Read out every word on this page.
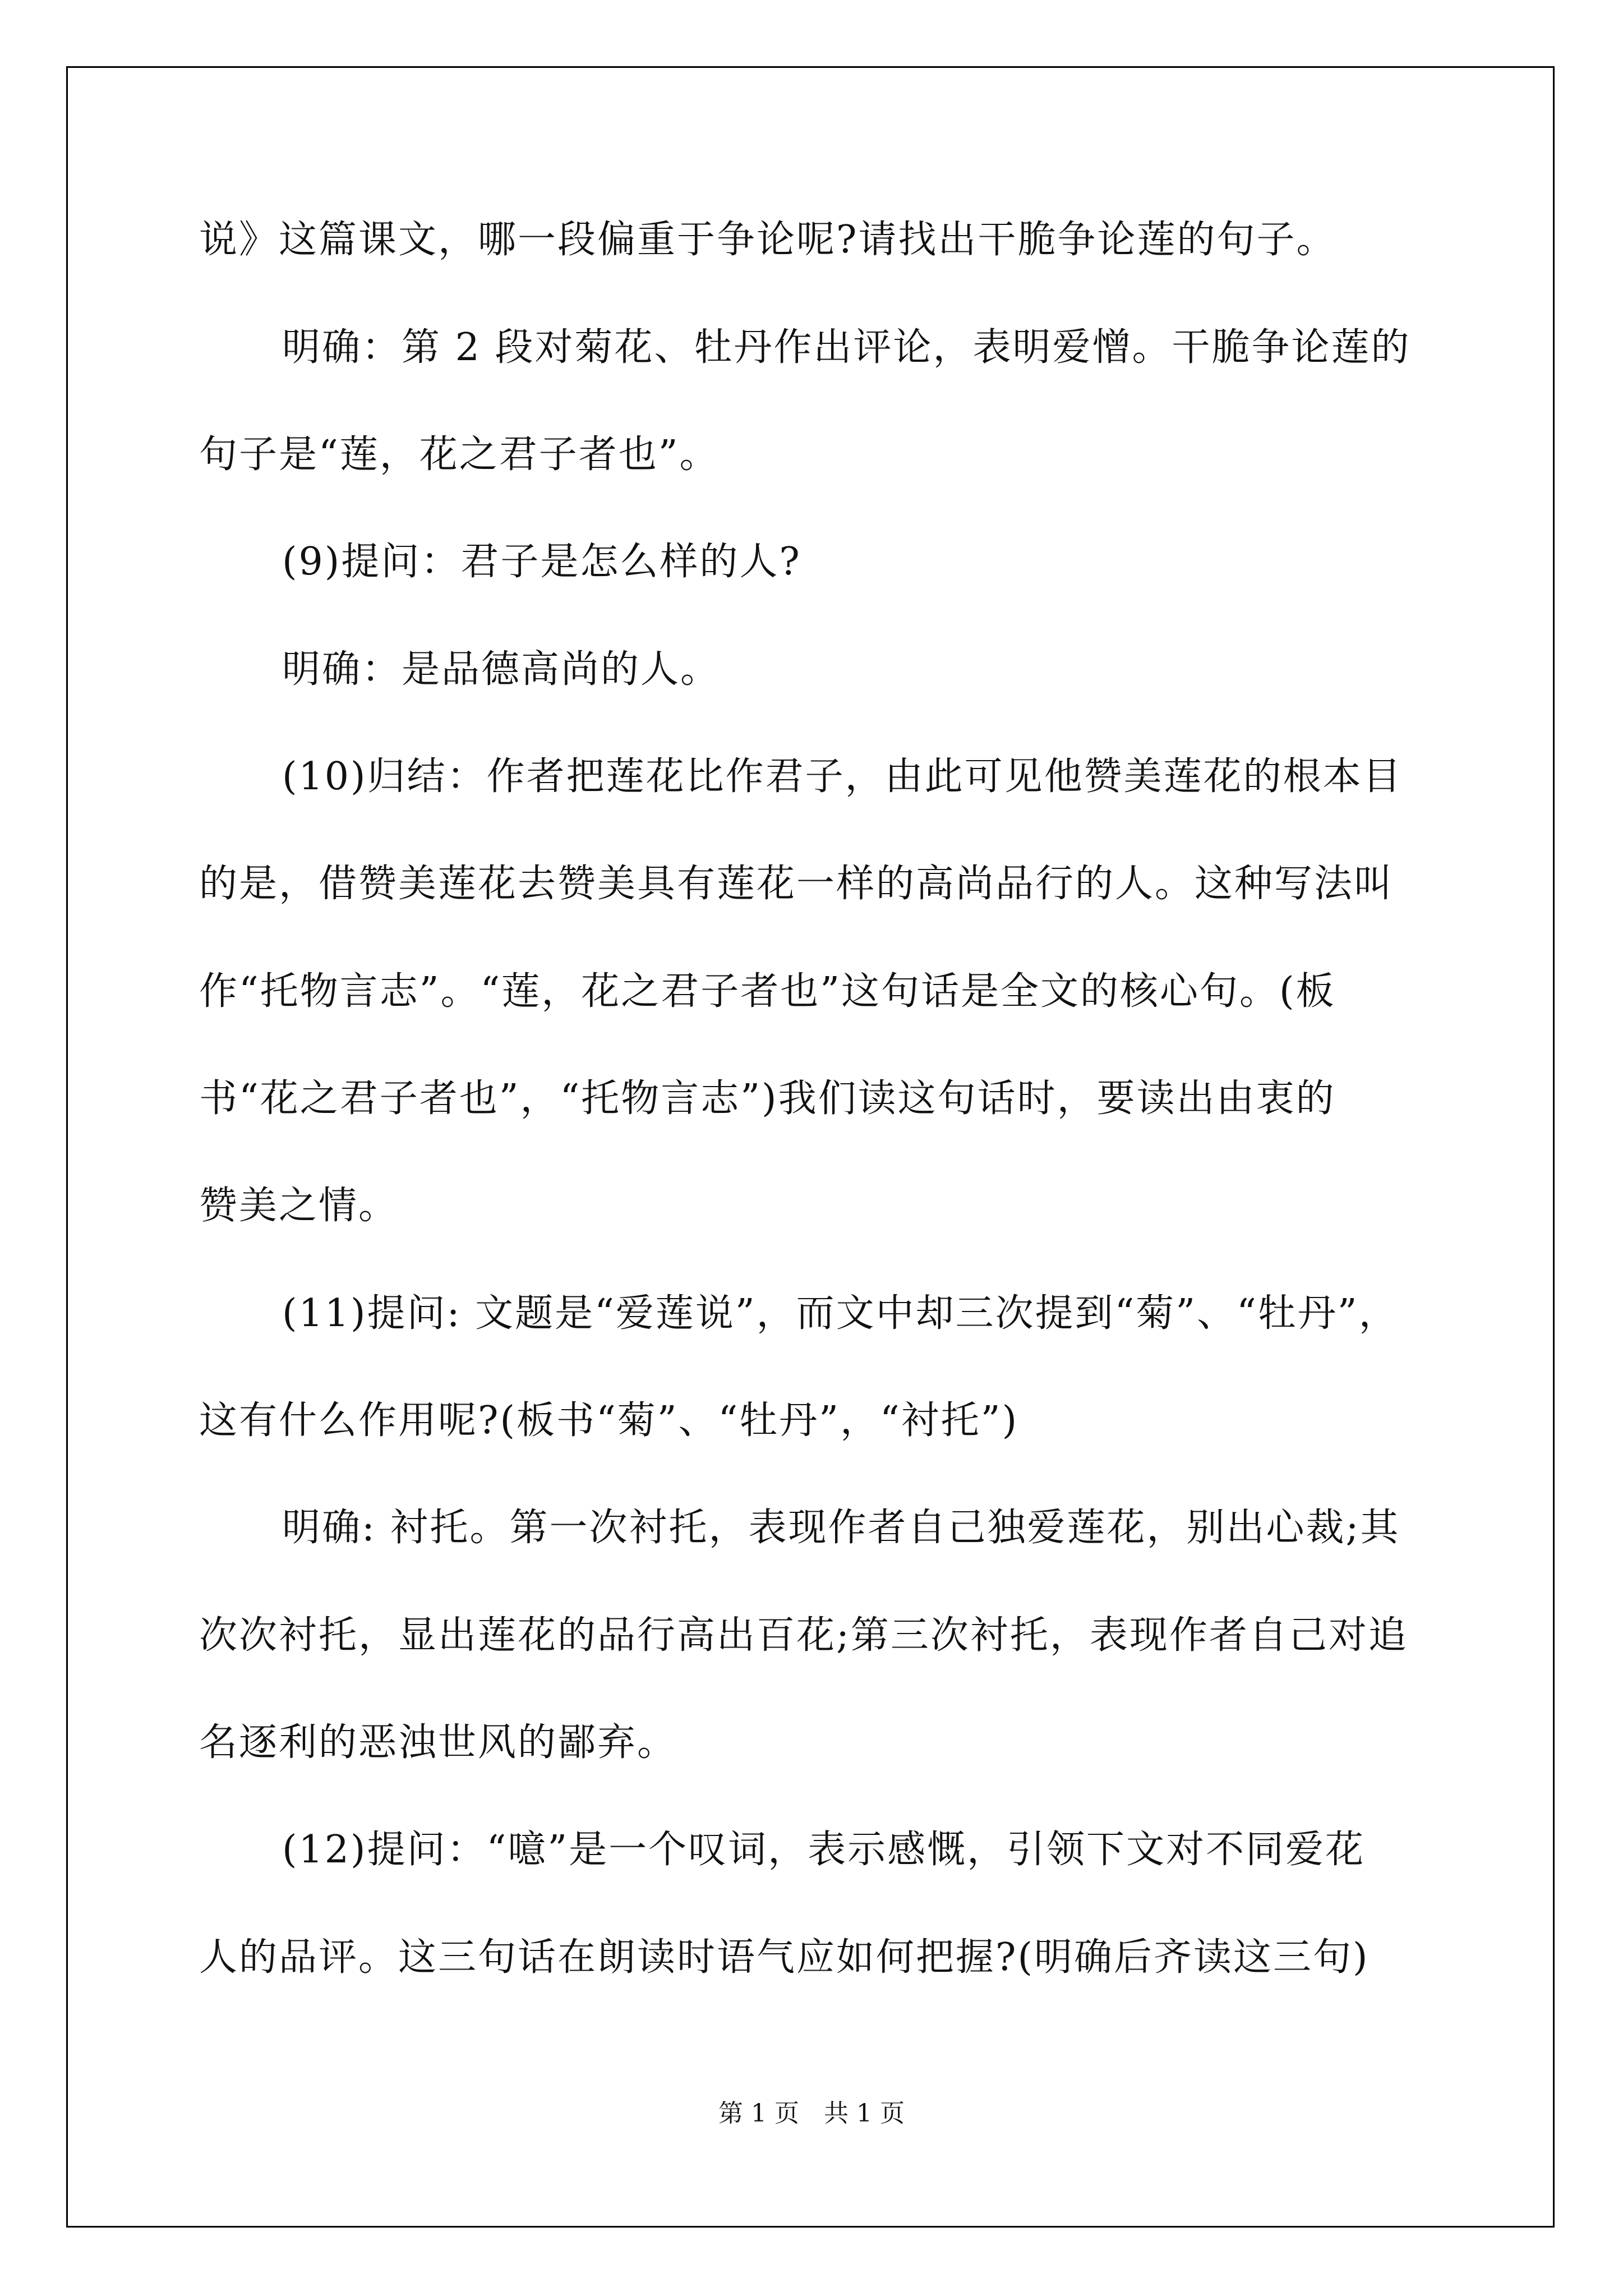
说》这篇课文，哪一段偏重于争论呢?请找出干脆争论莲的句子。
明确：第 2 段对菊花、牡丹作出评论，表明爱憎。干脆争论莲的
句子是“莲，花之君子者也”。
(9)提问：君子是怎么样的人?
明确：是品德高尚的人。
(10)归结：作者把莲花比作君子，由此可见他赞美莲花的根本目
的是，借赞美莲花去赞美具有莲花一样的高尚品行的人。这种写法叫
作“托物言志”。“莲，花之君子者也”这句话是全文的核心句。(板
书“花之君子者也”，“托物言志”)我们读这句话时，要读出由衷的
赞美之情。
(11)提问: 文题是“爱莲说”，而文中却三次提到“菊”、“牡丹”，
这有什么作用呢?(板书“菊”、“牡丹”，“衬托”)
明确: 衬托。第一次衬托，表现作者自己独爱莲花，别出心裁;其
次次衬托，显出莲花的品行高出百花;第三次衬托，表现作者自己对追
名逐利的恶浊世风的鄙弃。
(12)提问：“噫”是一个叹词，表示感慨，引领下文对不同爱花
人的品评。这三句话在朗读时语气应如何把握?(明确后齐读这三句)
第 1 页 共 1 页
